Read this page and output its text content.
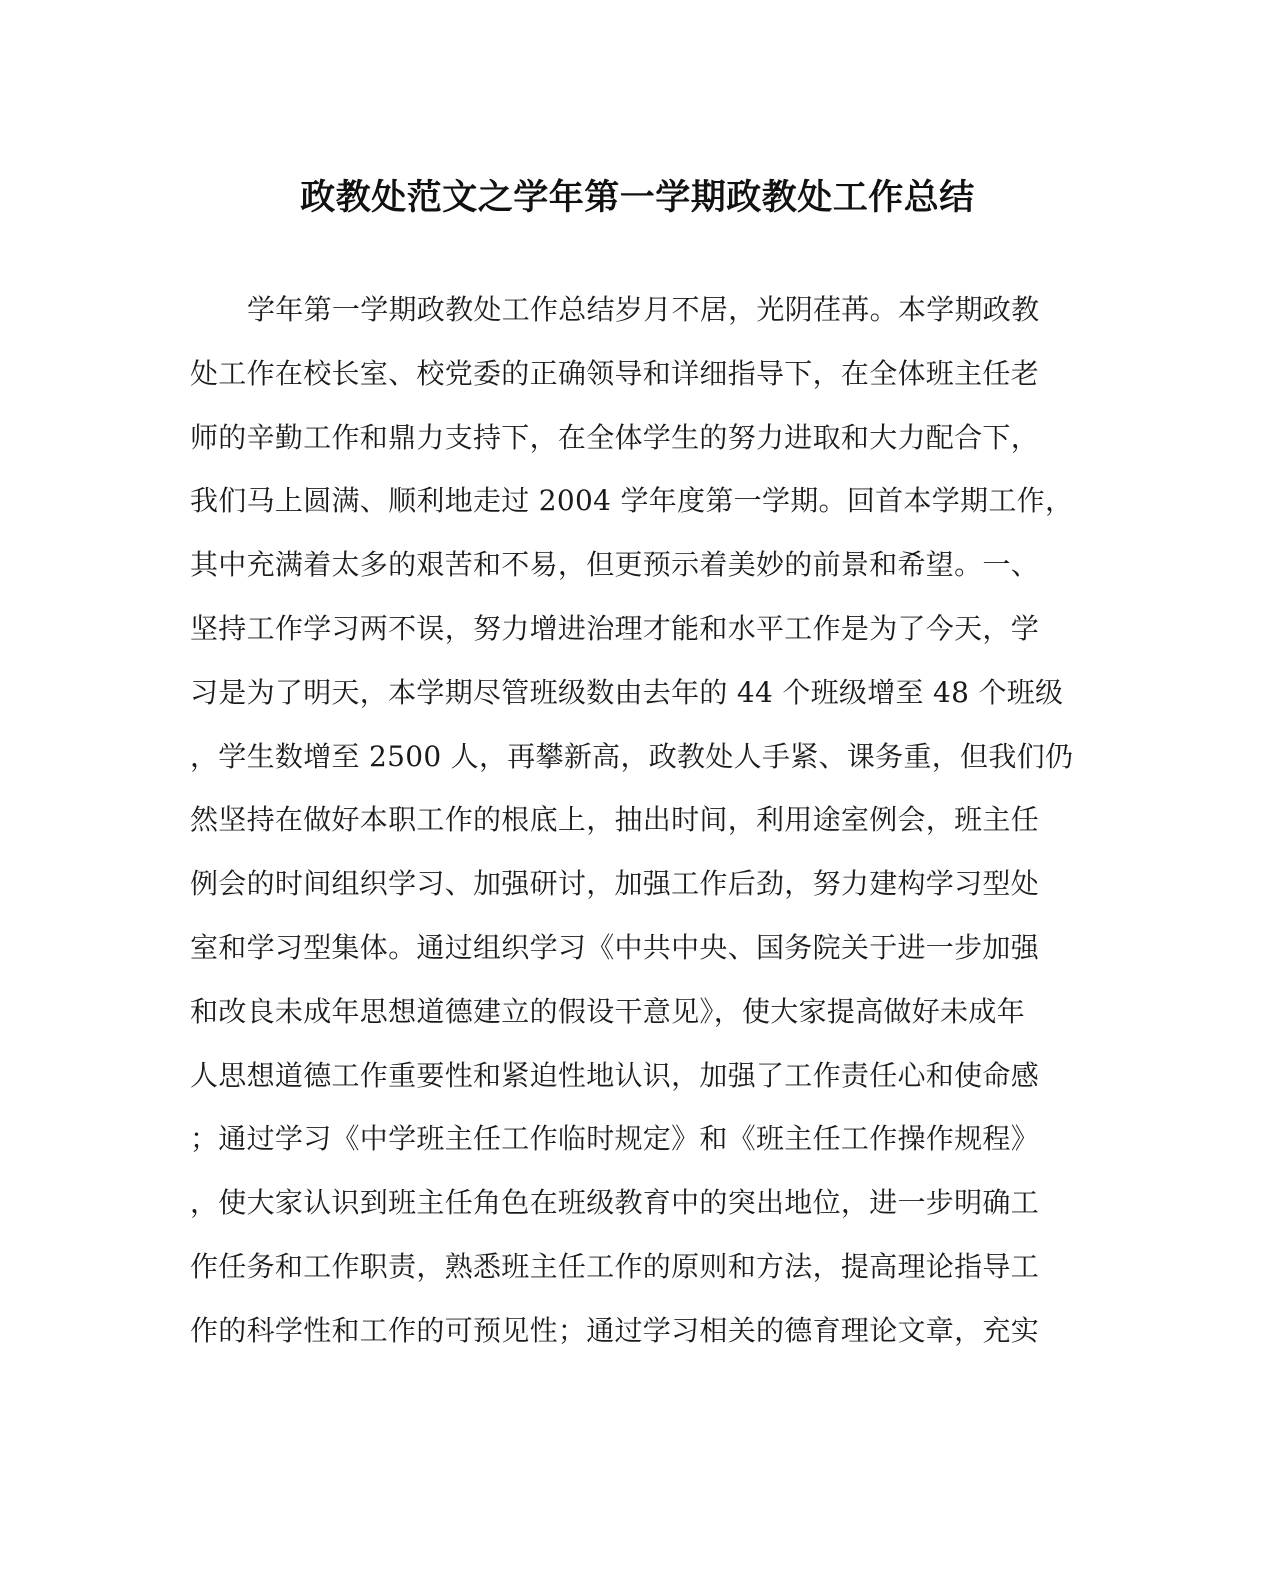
政教处范文之学年第一学期政教处工作总结
学年第一学期政教处工作总结岁月不居，光阴荏苒。本学期政教
处工作在校长室、校党委的正确领导和详细指导下，在全体班主任老
师的辛勤工作和鼎力支持下，在全体学生的努力进取和大力配合下，
我们马上圆满、顺利地走过 2004 学年度第一学期。回首本学期工作，
其中充满着太多的艰苦和不易，但更预示着美妙的前景和希望。一、
坚持工作学习两不误，努力增进治理才能和水平工作是为了今天，学
习是为了明天，本学期尽管班级数由去年的 44 个班级增至 48 个班级
，学生数增至 2500 人，再攀新高，政教处人手紧、课务重，但我们仍
然坚持在做好本职工作的根底上，抽出时间，利用途室例会，班主任
例会的时间组织学习、加强研讨，加强工作后劲，努力建构学习型处
室和学习型集体。通过组织学习《中共中央、国务院关于进一步加强
和改良未成年思想道德建立的假设干意见》，使大家提高做好未成年
人思想道德工作重要性和紧迫性地认识，加强了工作责任心和使命感
；通过学习《中学班主任工作临时规定》和《班主任工作操作规程》
，使大家认识到班主任角色在班级教育中的突出地位，进一步明确工
作任务和工作职责，熟悉班主任工作的原则和方法，提高理论指导工
作的科学性和工作的可预见性；通过学习相关的德育理论文章，充实
